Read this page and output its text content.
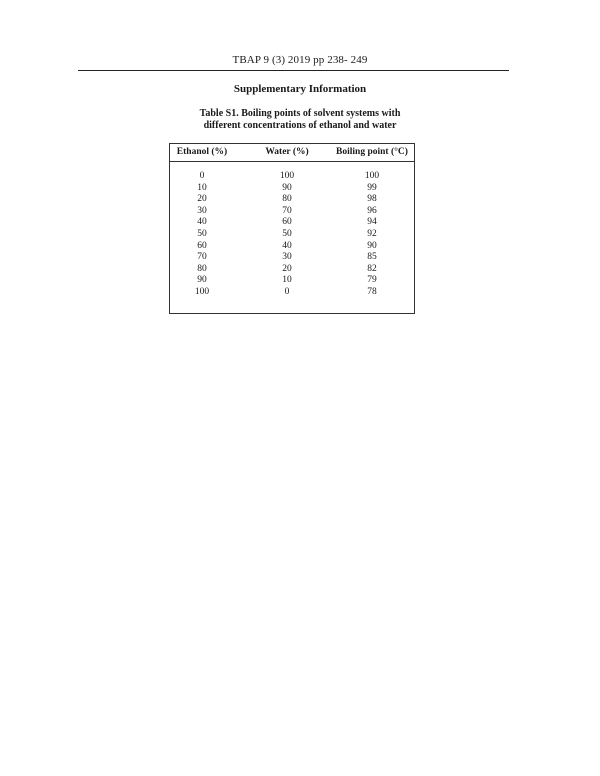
TBAP 9 (3) 2019 pp 238- 249
Supplementary Information
Table S1. Boiling points of solvent systems with
different concentrations of ethanol and water
Ethanol (%)	Water (%)	Boiling point (°C)
0	100	100
10	90	99
20	80	98
30	70	96
40	60	94
50	50	92
60	40	90
70	30	85
80	20	82
90	10	79
100	0	78
